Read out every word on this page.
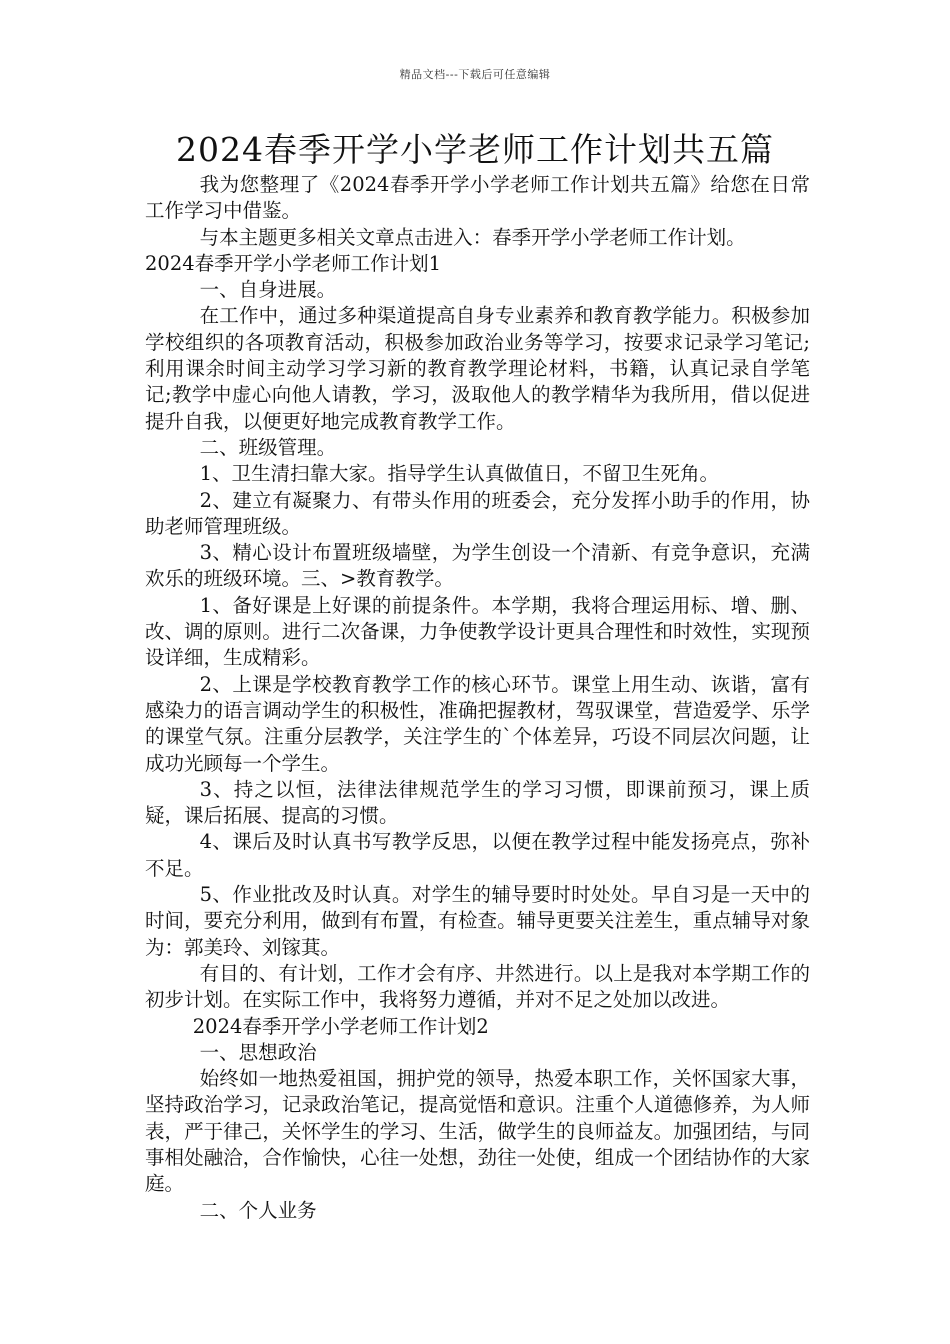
精品文档---下载后可任意编辑
2024春季开学小学老师工作计划共五篇

我为您整理了《2024春季开学小学老师工作计划共五篇》给您在日常工作学习中借鉴。

与本主题更多相关文章点击进入：春季开学小学老师工作计划。

2024春季开学小学老师工作计划1

一、自身进展。

在工作中，通过多种渠道提高自身专业素养和教育教学能力。积极参加学校组织的各项教育活动，积极参加政治业务等学习，按要求记录学习笔记;利用课余时间主动学习学习新的教育教学理论材料，书籍，认真记录自学笔记;教学中虚心向他人请教，学习，汲取他人的教学精华为我所用，借以促进提升自我，以便更好地完成教育教学工作。

二、班级管理。

1、卫生清扫靠大家。指导学生认真做值日，不留卫生死角。

2、建立有凝聚力、有带头作用的班委会，充分发挥小助手的作用，协助老师管理班级。

3、精心设计布置班级墙壁，为学生创设一个清新、有竞争意识，充满欢乐的班级环境。三、>教育教学。

1、备好课是上好课的前提条件。本学期，我将合理运用标、增、删、改、调的原则。进行二次备课，力争使教学设计更具合理性和时效性，实现预设详细，生成精彩。

2、上课是学校教育教学工作的核心环节。课堂上用生动、诙谐，富有感染力的语言调动学生的积极性，准确把握教材，驾驭课堂，营造爱学、乐学的课堂气氛。注重分层教学，关注学生的`个体差异，巧设不同层次问题，让成功光顾每一个学生。

3、持之以恒，法律法律规范学生的学习习惯，即课前预习，课上质疑，课后拓展、提高的习惯。

4、课后及时认真书写教学反思，以便在教学过程中能发扬亮点，弥补不足。

5、作业批改及时认真。对学生的辅导要时时处处。早自习是一天中的时间，要充分利用，做到有布置，有检查。辅导更要关注差生，重点辅导对象为：郭美玲、刘镓萁。

有目的、有计划，工作才会有序、井然进行。以上是我对本学期工作的初步计划。在实际工作中，我将努力遵循，并对不足之处加以改进。

2024春季开学小学老师工作计划2

一、思想政治

始终如一地热爱祖国，拥护党的领导，热爱本职工作，关怀国家大事，坚持政治学习，记录政治笔记，提高觉悟和意识。注重个人道德修养，为人师表，严于律己，关怀学生的学习、生活，做学生的良师益友。加强团结，与同事相处融洽，合作愉快，心往一处想，劲往一处使，组成一个团结协作的大家庭。

二、个人业务
